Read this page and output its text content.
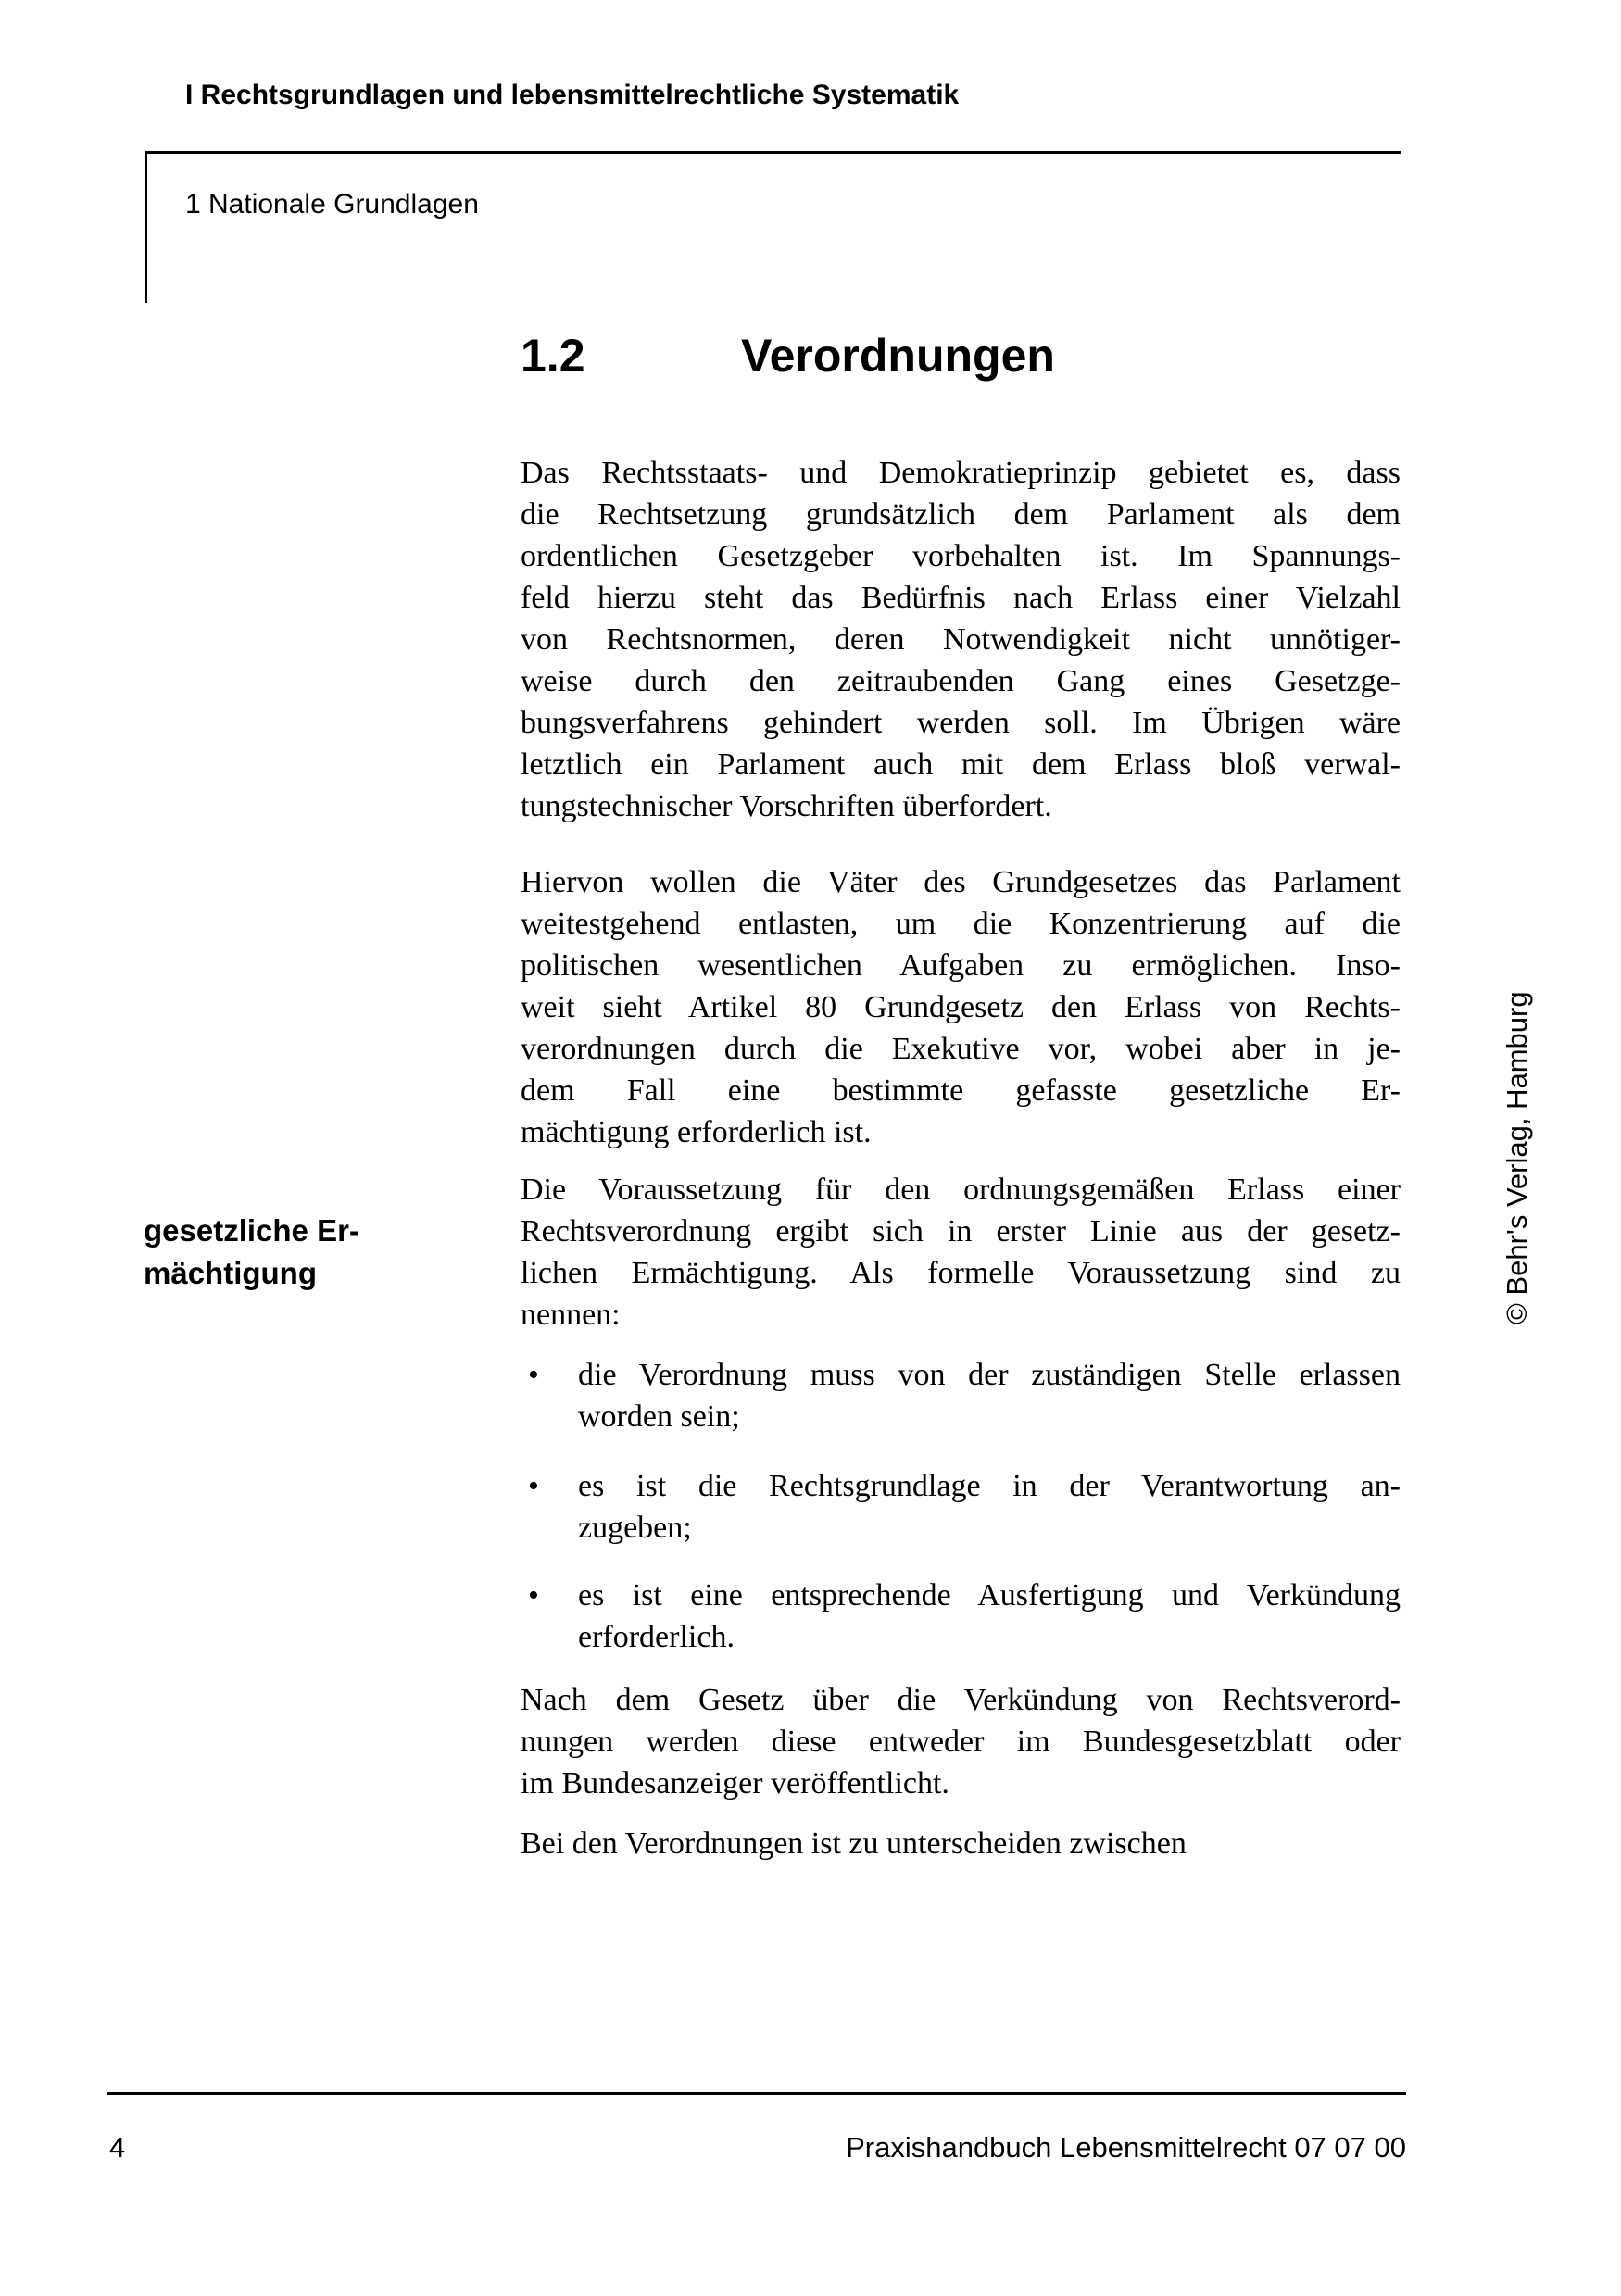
I Rechtsgrundlagen und lebensmittelrechtliche Systematik
1 Nationale Grundlagen
1.2	Verordnungen
Das Rechtsstaats- und Demokratieprinzip gebietet es, dass
die Rechtsetzung grundsätzlich dem Parlament als dem
ordentlichen Gesetzgeber vorbehalten ist. Im Spannungs-
feld hierzu steht das Bedürfnis nach Erlass einer Vielzahl
von Rechtsnormen, deren Notwendigkeit nicht unnötiger-
weise durch den zeitraubenden Gang eines Gesetzge-
bungsverfahrens gehindert werden soll. Im Übrigen wäre
letztlich ein Parlament auch mit dem Erlass bloß verwal-
tungstechnischer Vorschriften überfordert.
Hiervon wollen die Väter des Grundgesetzes das Parlament
weitestgehend entlasten, um die Konzentrierung auf die
politischen wesentlichen Aufgaben zu ermöglichen. Inso-
weit sieht Artikel 80 Grundgesetz den Erlass von Rechts-
verordnungen durch die Exekutive vor, wobei aber in je-
dem Fall eine bestimmte gefasste gesetzliche Er-
mächtigung erforderlich ist.
gesetzliche Er-
mächtigung
Die Voraussetzung für den ordnungsgemäßen Erlass einer
Rechtsverordnung ergibt sich in erster Linie aus der gesetz-
lichen Ermächtigung. Als formelle Voraussetzung sind zu
nennen:
• die Verordnung muss von der zuständigen Stelle erlassen
worden sein;
• es ist die Rechtsgrundlage in der Verantwortung an-
zugeben;
• es ist eine entsprechende Ausfertigung und Verkündung
erforderlich.
Nach dem Gesetz über die Verkündung von Rechtsverord-
nungen werden diese entweder im Bundesgesetzblatt oder
im Bundesanzeiger veröffentlicht.
Bei den Verordnungen ist zu unterscheiden zwischen
© Behr's Verlag, Hamburg
4	Praxishandbuch Lebensmittelrecht 07 07 00
